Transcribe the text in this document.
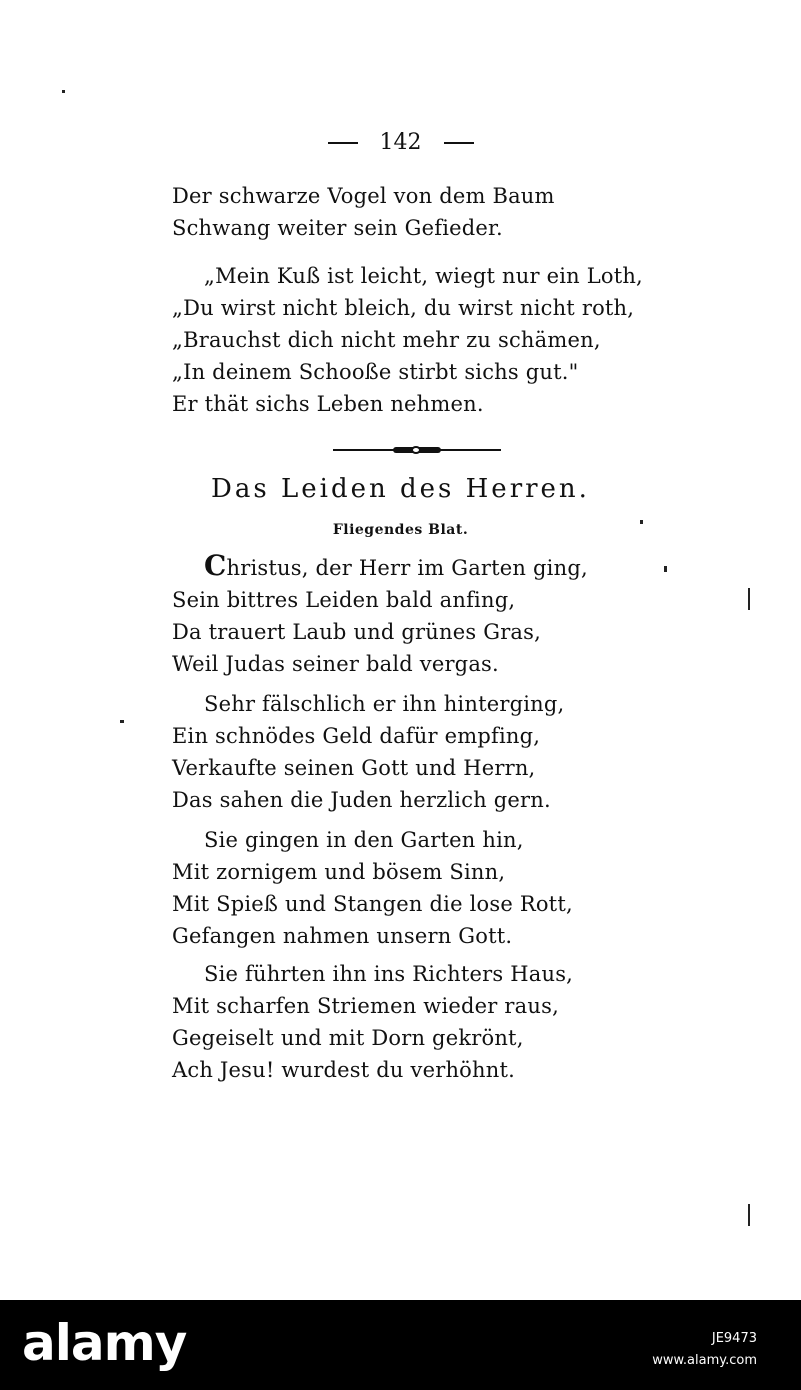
142
Der schwarze Vogel von dem Baum
Schwang weiter sein Gefieder.
„Mein Kuß ist leicht, wiegt nur ein Loth,
„Du wirst nicht bleich, du wirst nicht roth,
„Brauchst dich nicht mehr zu schämen,
„In deinem Schooße stirbt sichs gut."
Er thät sichs Leben nehmen.
Das Leiden des Herren.
Fliegendes Blat.
Christus, der Herr im Garten ging,
Sein bittres Leiden bald anfing,
Da trauert Laub und grünes Gras,
Weil Judas seiner bald vergas.
Sehr fälschlich er ihn hinterging,
Ein schnödes Geld dafür empfing,
Verkaufte seinen Gott und Herrn,
Das sahen die Juden herzlich gern.
Sie gingen in den Garten hin,
Mit zornigem und bösem Sinn,
Mit Spieß und Stangen die lose Rott,
Gefangen nahmen unsern Gott.
Sie führten ihn ins Richters Haus,
Mit scharfen Striemen wieder raus,
Gegeiselt und mit Dorn gekrönt,
Ach Jesu! wurdest du verhöhnt.
alamy	JE9473
www.alamy.com
